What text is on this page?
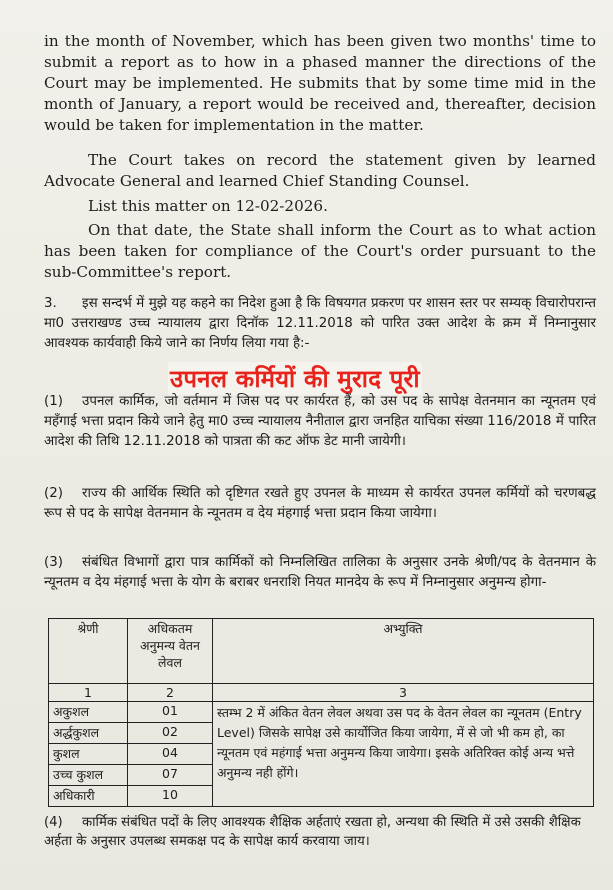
in the month of November, which has been given two months' time to submit a report as to how in a phased manner the directions of the Court may be implemented. He submits that by some time mid in the month of January, a report would be received and, thereafter, decision would be taken for implementation in the matter.
The Court takes on record the statement given by learned Advocate General and learned Chief Standing Counsel.
List this matter on 12-02-2026.
On that date, the State shall inform the Court as to what action has been taken for compliance of the Court's order pursuant to the sub-Committee's report.
3. इस सन्दर्भ में मुझे यह कहने का निदेश हुआ है कि विषयगत प्रकरण पर शासन स्तर पर सम्यक् विचारोपरान्त मा0 उत्तराखण्ड उच्च न्यायालय द्वारा दिनॉक 12.11.2018 को पारित उक्त आदेश के क्रम में निम्नानुसार आवश्यक कार्यवाही किये जाने का निर्णय लिया गया है:-
उपनल कर्मियों की मुराद पूरी
(1) उपनल कार्मिक, जो वर्तमान में जिस पद पर कार्यरत हैं, को उस पद के सापेक्ष वेतनमान का न्यूनतम एवं महँगाई भत्ता प्रदान किये जाने हेतु मा0 उच्च न्यायालय नैनीताल द्वारा जनहित याचिका संख्या 116/2018 में पारित आदेश की तिथि 12.11.2018 को पात्रता की कट ऑफ डेट मानी जायेगी।
(2) राज्य की आर्थिक स्थिति को दृष्टिगत रखते हुए उपनल के माध्यम से कार्यरत उपनल कर्मियों को चरणबद्ध रूप से पद के सापेक्ष वेतनमान के न्यूनतम व देय मंहगाई भत्ता प्रदान किया जायेगा।
(3) संबंधित विभागों द्वारा पात्र कार्मिकों को निम्नलिखित तालिका के अनुसार उनके श्रेणी/पद के वेतनमान के न्यूनतम व देय मंहगाई भत्ता के योग के बराबर धनराशि नियत मानदेय के रूप में निम्नानुसार अनुमन्य होगा-
श्रेणी	अधिकतम अनुमन्य वेतन लेवल	अभ्युक्ति
1	2	3
अकुशल	01	स्तम्भ 2 में अंकित वेतन लेवल अथवा उस पद के वेतन लेवल का न्यूनतम (Entry Level) जिसके सापेक्ष उसे कार्योजित किया जायेगा, में से जो भी कम हो, का न्यूनतम एवं महंगाई भत्ता अनुमन्य किया जायेगा। इसके अतिरिक्त कोई अन्य भत्ते अनुमन्य नही होंगे।
अर्द्धकुशल	02	
कुशल	04	
उच्च कुशल	07	
अधिकारी	10	
(4) कार्मिक संबंधित पदों के लिए आवश्यक शैक्षिक अर्हताएं रखता हो, अन्यथा की स्थिति में उसे उसकी शैक्षिक अर्हता के अनुसार उपलब्ध समकक्ष पद के सापेक्ष कार्य करवाया जाय।
